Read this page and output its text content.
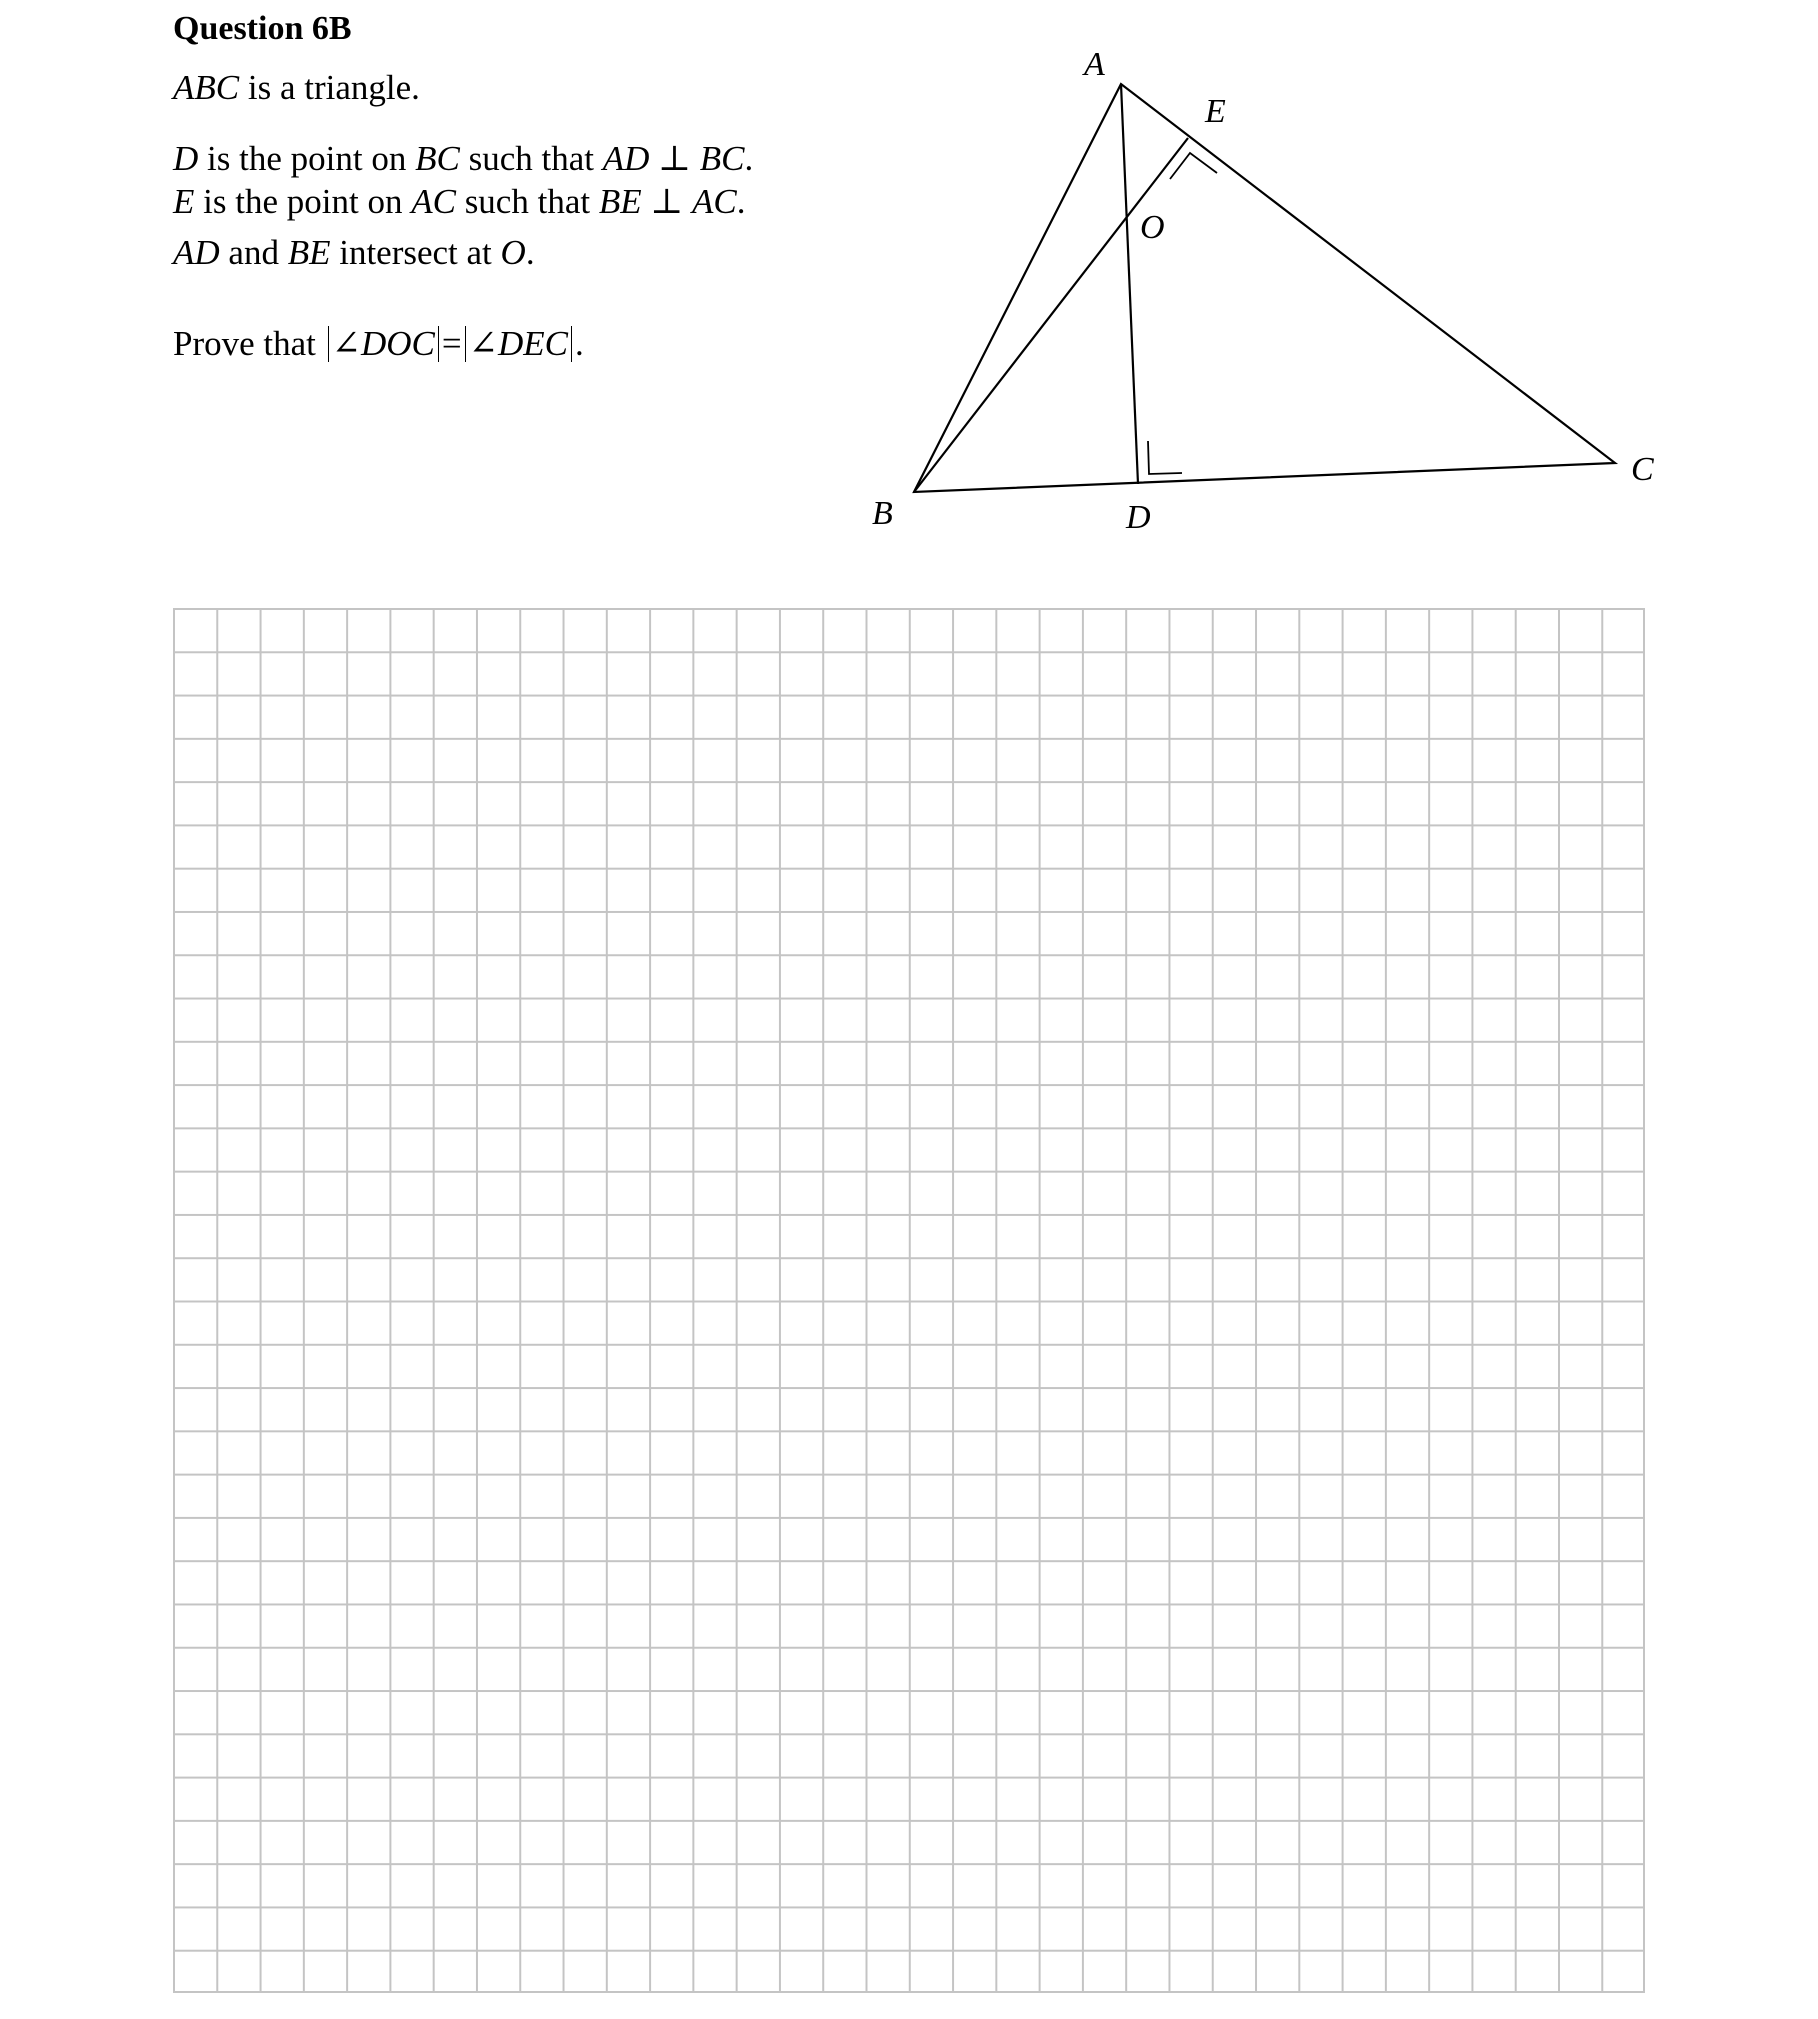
Question 6B

ABC is a triangle.

D is the point on BC such that AD ⊥ BC.

E is the point on AC such that BE ⊥ AC.

AD and BE intersect at O.

Prove that ∠DOC = ∠DEC .

A
B
C
D
E
O
